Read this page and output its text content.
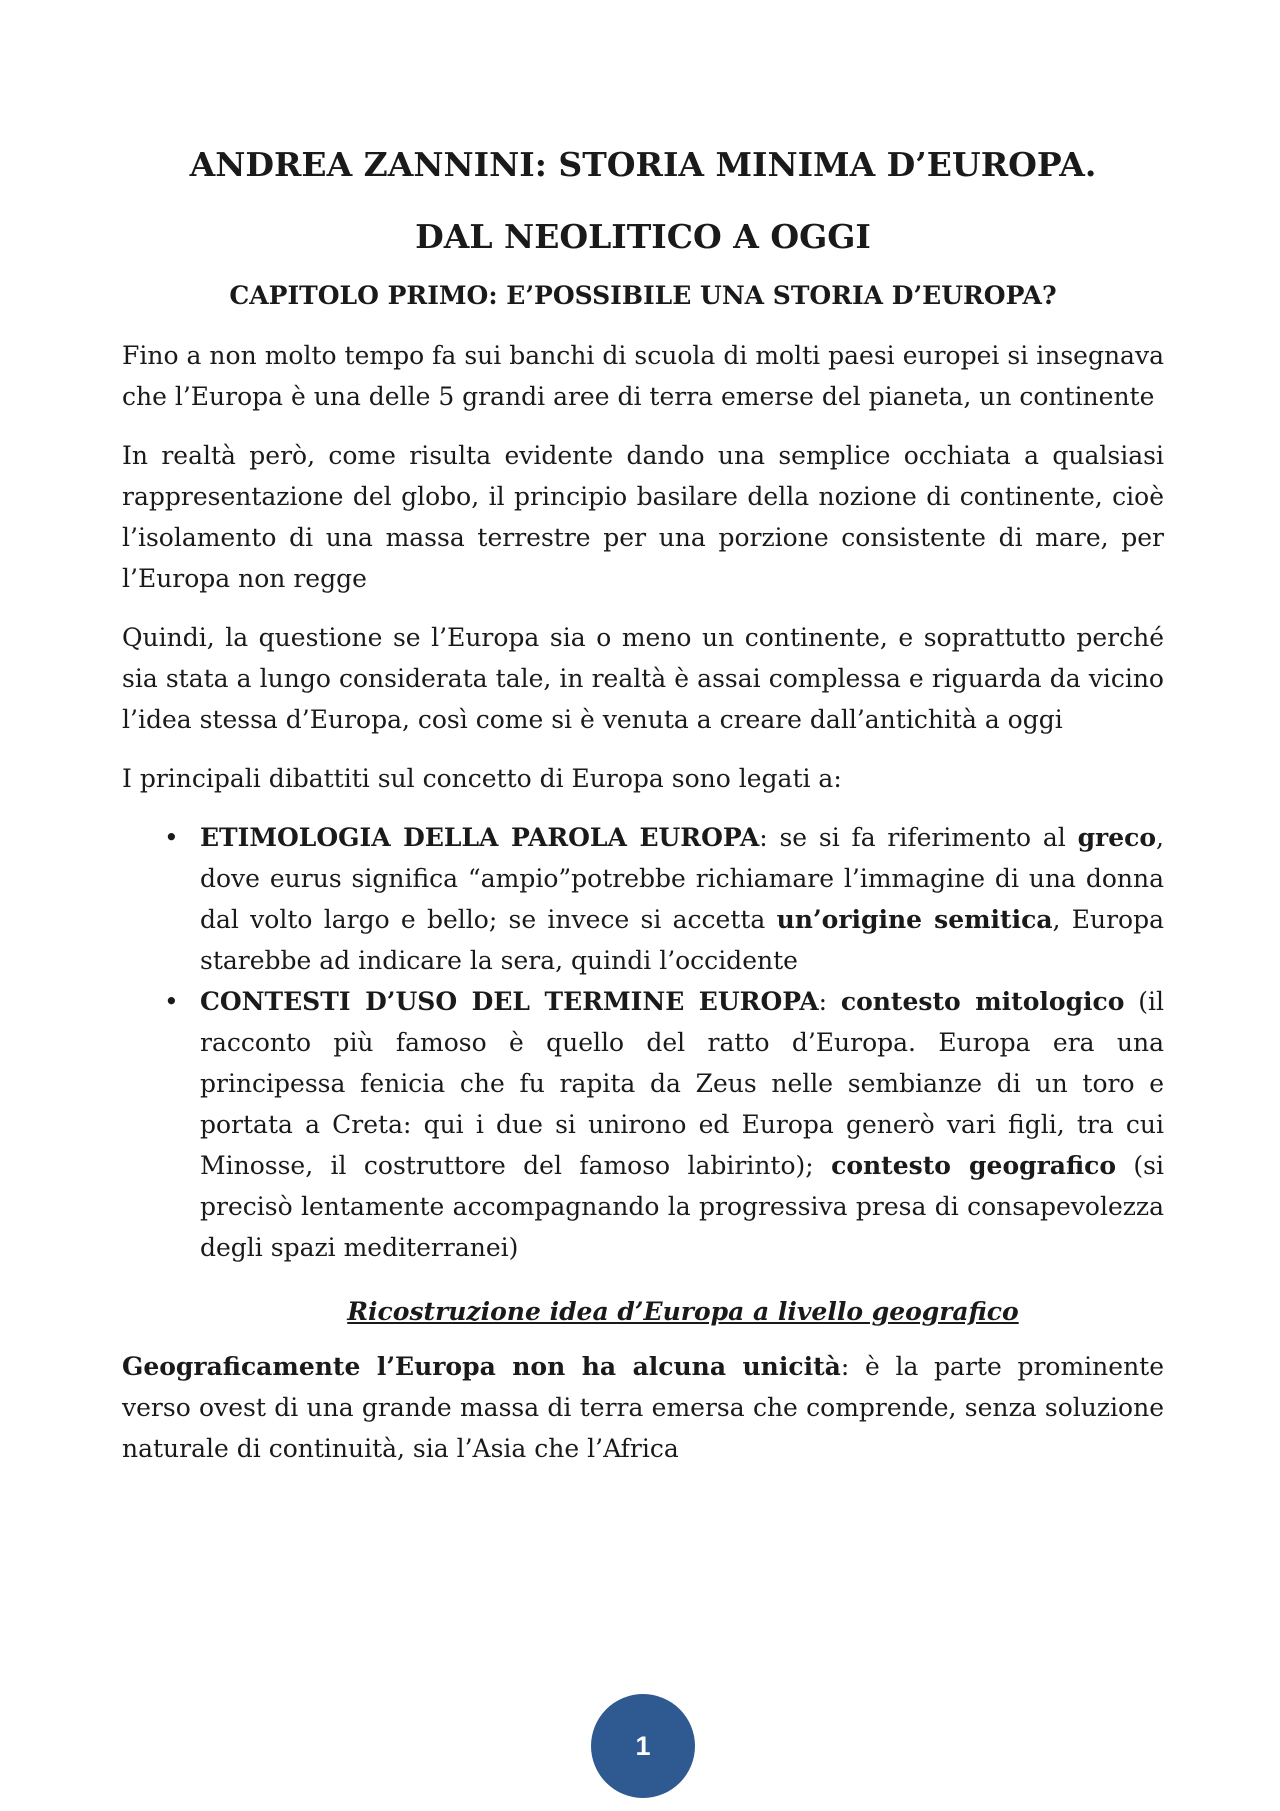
ANDREA ZANNINI: STORIA MINIMA D’EUROPA.
DAL NEOLITICO A OGGI
CAPITOLO PRIMO: E’POSSIBILE UNA STORIA D’EUROPA?

Fino a non molto tempo fa sui banchi di scuola di molti paesi europei si insegnava che l’Europa è una delle 5 grandi aree di terra emerse del pianeta, un continente

In realtà però, come risulta evidente dando una semplice occhiata a qualsiasi rappresentazione del globo, il principio basilare della nozione di continente, cioè l’isolamento di una massa terrestre per una porzione consistente di mare, per l’Europa non regge

Quindi, la questione se l’Europa sia o meno un continente, e soprattutto perché sia stata a lungo considerata tale, in realtà è assai complessa e riguarda da vicino l’idea stessa d’Europa, così come si è venuta a creare dall’antichità a oggi

I principali dibattiti sul concetto di Europa sono legati a:

• ETIMOLOGIA DELLA PAROLA EUROPA: se si fa riferimento al greco, dove eurus significa “ampio”potrebbe richiamare l’immagine di una donna dal volto largo e bello; se invece si accetta un’origine semitica, Europa starebbe ad indicare la sera, quindi l’occidente
• CONTESTI D’USO DEL TERMINE EUROPA: contesto mitologico (il racconto più famoso è quello del ratto d’Europa. Europa era una principessa fenicia che fu rapita da Zeus nelle sembianze di un toro e portata a Creta: qui i due si unirono ed Europa generò vari figli, tra cui Minosse, il costruttore del famoso labirinto); contesto geografico (si precisò lentamente accompagnando la progressiva presa di consapevolezza degli spazi mediterranei)
Ricostruzione idea d’Europa a livello geografico

Geograficamente l’Europa non ha alcuna unicità: è la parte prominente verso ovest di una grande massa di terra emersa che comprende, senza soluzione naturale di continuità, sia l’Asia che l’Africa

1
